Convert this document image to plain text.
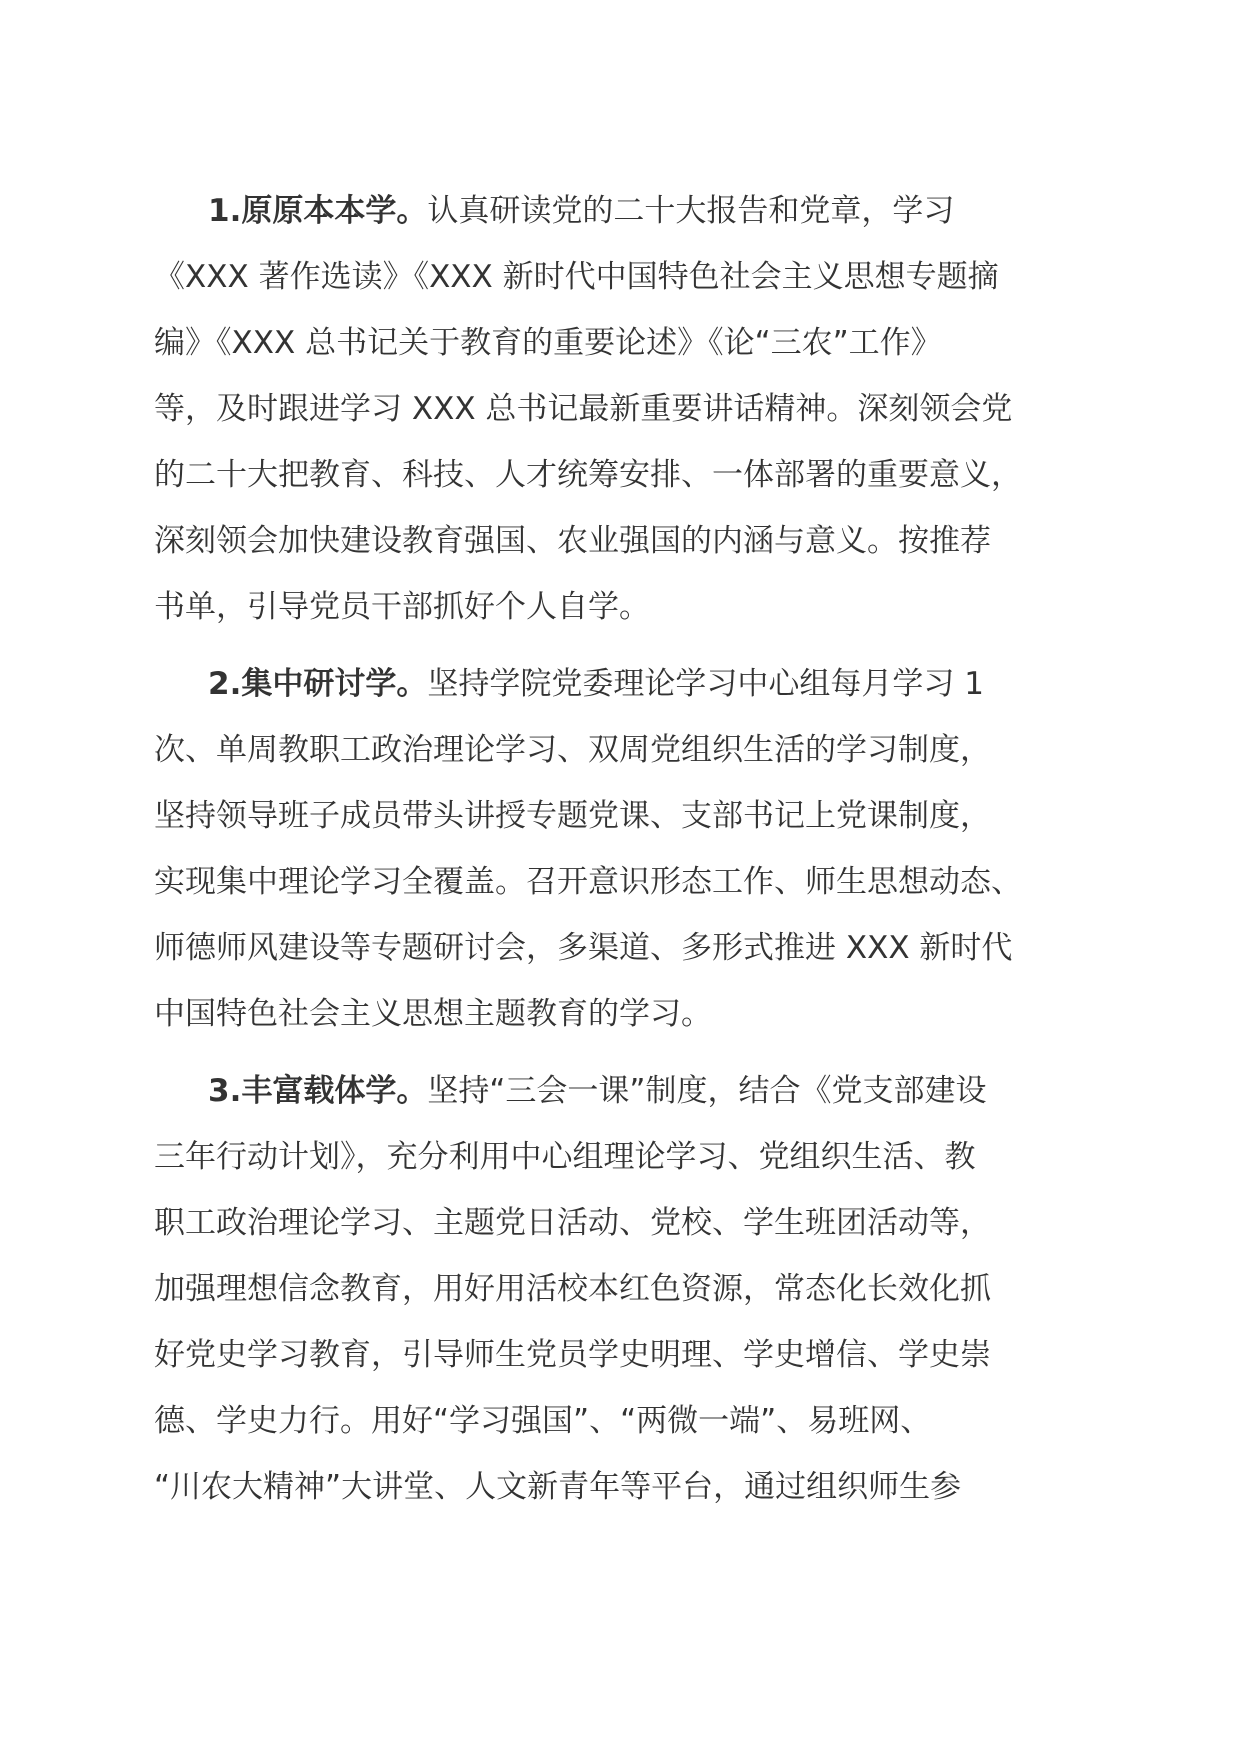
1.原原本本学。认真研读党的二十大报告和党章，学习
《XXX 著作选读》《XXX 新时代中国特色社会主义思想专题摘
编》《XXX 总书记关于教育的重要论述》《论“三农”工作》
等，及时跟进学习 XXX 总书记最新重要讲话精神。深刻领会党
的二十大把教育、科技、人才统筹安排、一体部署的重要意义，
深刻领会加快建设教育强国、农业强国的内涵与意义。按推荐
书单，引导党员干部抓好个人自学。
2.集中研讨学。坚持学院党委理论学习中心组每月学习 1
次、单周教职工政治理论学习、双周党组织生活的学习制度，
坚持领导班子成员带头讲授专题党课、支部书记上党课制度，
实现集中理论学习全覆盖。召开意识形态工作、师生思想动态、
师德师风建设等专题研讨会，多渠道、多形式推进 XXX 新时代
中国特色社会主义思想主题教育的学习。
3.丰富载体学。坚持“三会一课”制度，结合《党支部建设
三年行动计划》，充分利用中心组理论学习、党组织生活、教
职工政治理论学习、主题党日活动、党校、学生班团活动等，
加强理想信念教育，用好用活校本红色资源，常态化长效化抓
好党史学习教育，引导师生党员学史明理、学史增信、学史崇
德、学史力行。用好“学习强国”、“两微一端”、易班网、
“川农大精神”大讲堂、人文新青年等平台，通过组织师生参
